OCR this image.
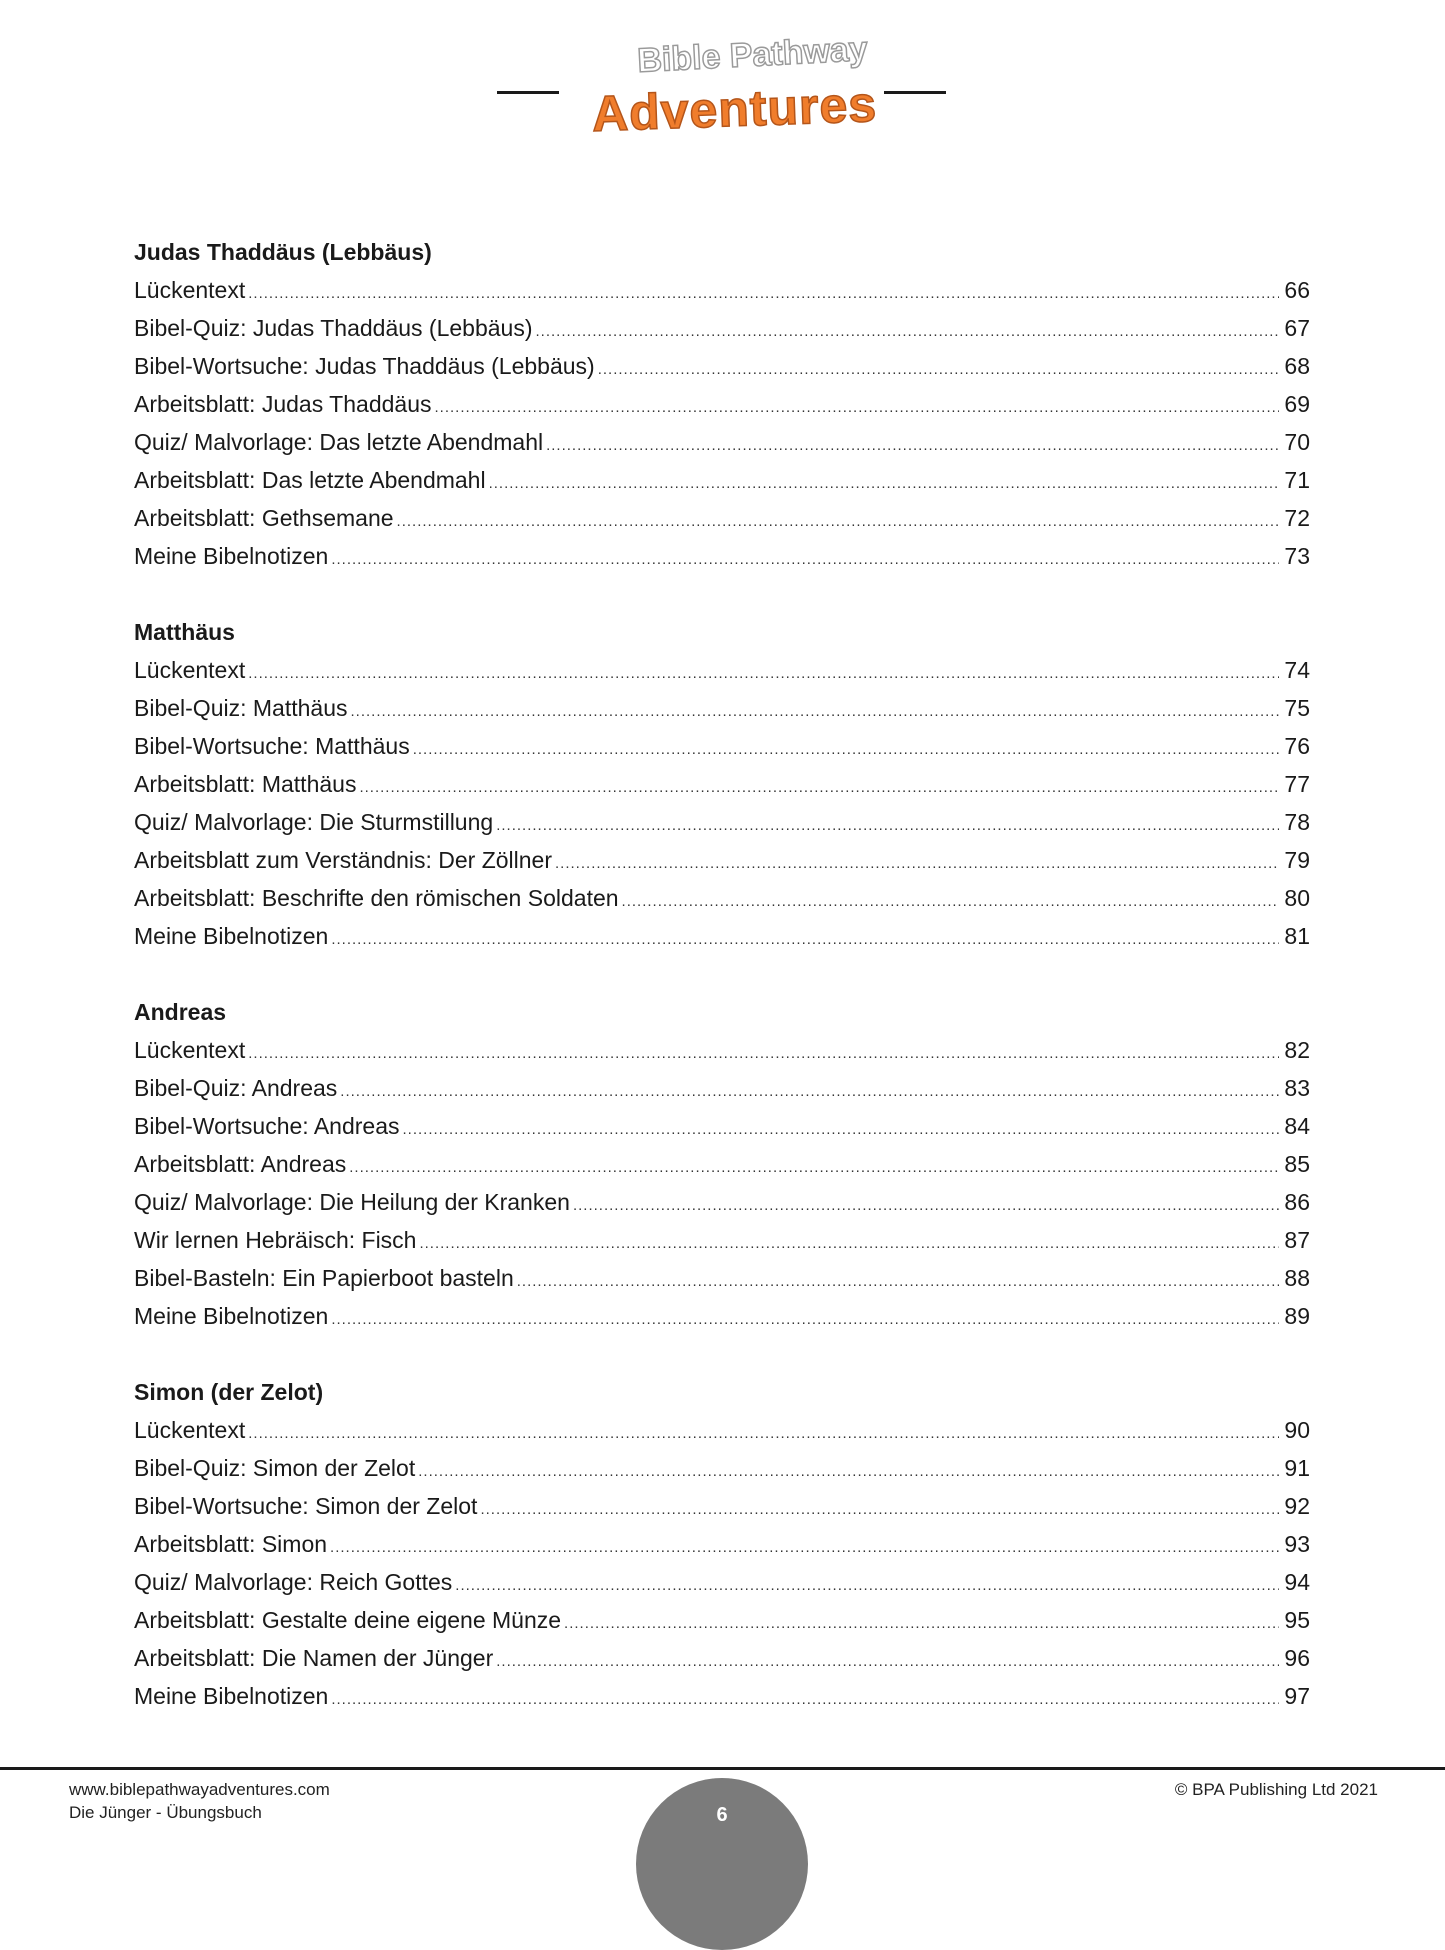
Bible Pathway
Adventures
Judas Thaddäus (Lebbäus)
Lückentext .....	66
Bibel-Quiz: Judas Thaddäus (Lebbäus) .....	67
Bibel-Wortsuche: Judas Thaddäus (Lebbäus) .....	68
Arbeitsblatt: Judas Thaddäus .....	69
Quiz/ Malvorlage: Das letzte Abendmahl .....	70
Arbeitsblatt: Das letzte Abendmahl .....	71
Arbeitsblatt: Gethsemane .....	72
Meine Bibelnotizen .....	73
Matthäus
Lückentext .....	74
Bibel-Quiz: Matthäus .....	75
Bibel-Wortsuche: Matthäus .....	76
Arbeitsblatt: Matthäus .....	77
Quiz/ Malvorlage: Die Sturmstillung .....	78
Arbeitsblatt zum Verständnis: Der Zöllner .....	79
Arbeitsblatt: Beschrifte den römischen Soldaten .....	80
Meine Bibelnotizen .....	81
Andreas
Lückentext .....	82
Bibel-Quiz: Andreas .....	83
Bibel-Wortsuche: Andreas .....	84
Arbeitsblatt: Andreas .....	85
Quiz/ Malvorlage: Die Heilung der Kranken .....	86
Wir lernen Hebräisch: Fisch .....	87
Bibel-Basteln: Ein Papierboot basteln .....	88
Meine Bibelnotizen .....	89
Simon (der Zelot)
Lückentext .....	90
Bibel-Quiz: Simon der Zelot .....	91
Bibel-Wortsuche: Simon der Zelot .....	92
Arbeitsblatt: Simon .....	93
Quiz/ Malvorlage: Reich Gottes .....	94
Arbeitsblatt: Gestalte deine eigene Münze .....	95
Arbeitsblatt: Die Namen der Jünger .....	96
Meine Bibelnotizen .....	97
www.biblepathwayadventures.com
Die Jünger - Übungsbuch
© BPA Publishing Ltd 2021
6
